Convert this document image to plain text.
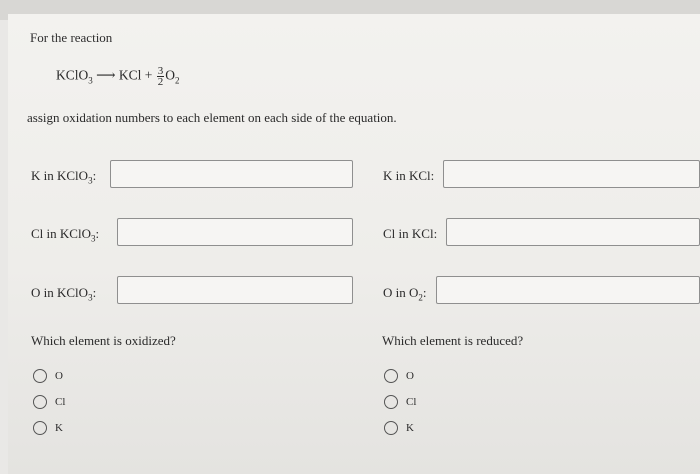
For the reaction
KClO$_3$ ⟶ KCl + $\frac{3}{2} O_2$
assign oxidation numbers to each element on each side of the equation.
K in KClO$_3$:
Cl in KClO$_3$:
O in KClO$_3$:
K in KCl:
Cl in KCl:
O in $O_2$:
Which element is oxidized?	Which element is reduced?
O
Cl
K
O
Cl
K
